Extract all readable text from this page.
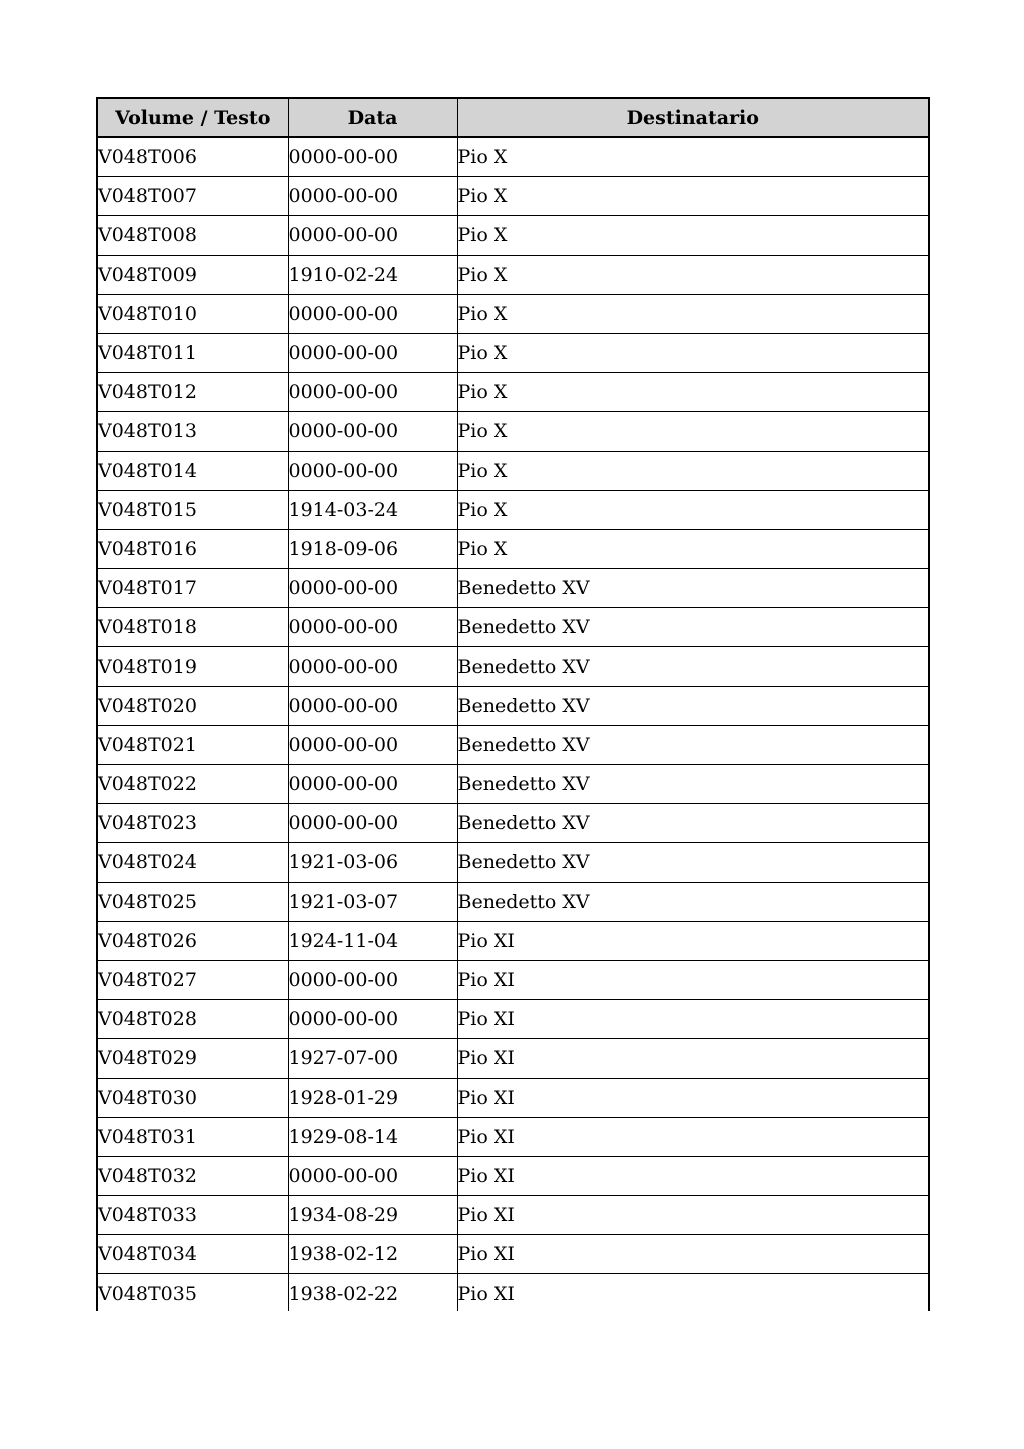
Volume / Testo	Data	Destinatario
V048T006	0000-00-00	Pio X
V048T007	0000-00-00	Pio X
V048T008	0000-00-00	Pio X
V048T009	1910-02-24	Pio X
V048T010	0000-00-00	Pio X
V048T011	0000-00-00	Pio X
V048T012	0000-00-00	Pio X
V048T013	0000-00-00	Pio X
V048T014	0000-00-00	Pio X
V048T015	1914-03-24	Pio X
V048T016	1918-09-06	Pio X
V048T017	0000-00-00	Benedetto XV
V048T018	0000-00-00	Benedetto XV
V048T019	0000-00-00	Benedetto XV
V048T020	0000-00-00	Benedetto XV
V048T021	0000-00-00	Benedetto XV
V048T022	0000-00-00	Benedetto XV
V048T023	0000-00-00	Benedetto XV
V048T024	1921-03-06	Benedetto XV
V048T025	1921-03-07	Benedetto XV
V048T026	1924-11-04	Pio XI
V048T027	0000-00-00	Pio XI
V048T028	0000-00-00	Pio XI
V048T029	1927-07-00	Pio XI
V048T030	1928-01-29	Pio XI
V048T031	1929-08-14	Pio XI
V048T032	0000-00-00	Pio XI
V048T033	1934-08-29	Pio XI
V048T034	1938-02-12	Pio XI
V048T035	1938-02-22	Pio XI
